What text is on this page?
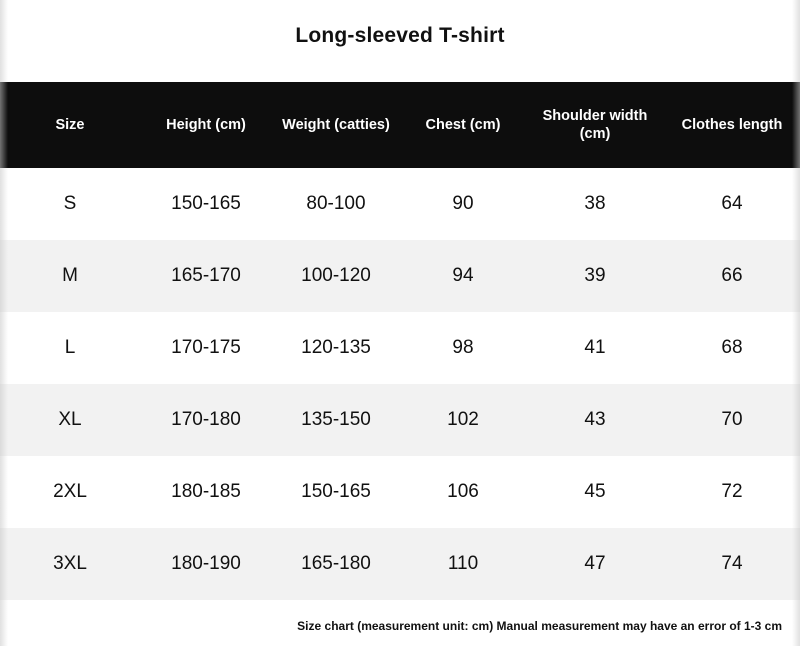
Long-sleeved T-shirt
Size	Height (cm)	Weight (catties)	Chest (cm)	Shoulder width (cm)	Clothes length
S	150-165	80-100	90	38	64
M	165-170	100-120	94	39	66
L	170-175	120-135	98	41	68
XL	170-180	135-150	102	43	70
2XL	180-185	150-165	106	45	72
3XL	180-190	165-180	110	47	74
Size chart (measurement unit: cm) Manual measurement may have an error of 1-3 cm
